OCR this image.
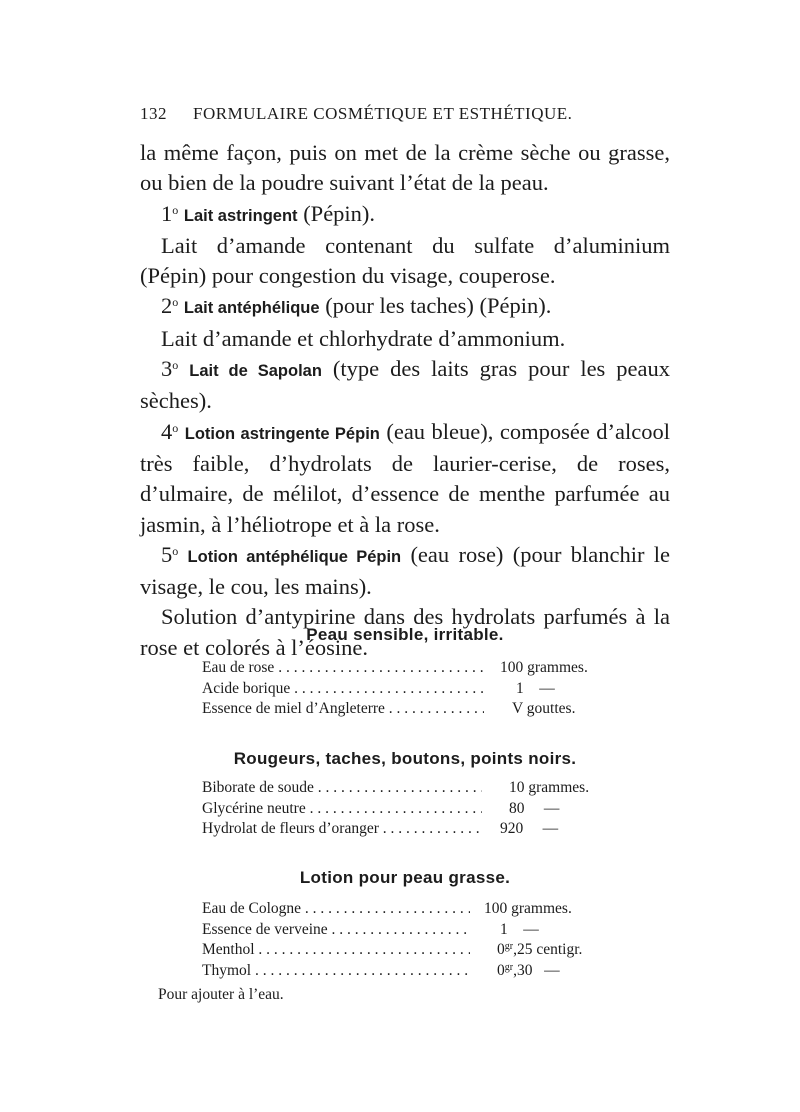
132 FORMULAIRE COSMÉTIQUE ET ESTHÉTIQUE.

la même façon, puis on met de la crème sèche ou grasse, ou bien de la poudre suivant l’état de la peau.

1$^o$ Lait astringent (Pépin).

Lait d’amande contenant du sulfate d’aluminium (Pépin) pour congestion du visage, couperose.

2$^o$ Lait antéphélique (pour les taches) (Pépin).

Lait d’amande et chlorhydrate d’ammonium.

3$^o$ Lait de Sapolan (type des laits gras pour les peaux sèches).

4$^o$ Lotion astringente Pépin (eau bleue), composée d’alcool très faible, d’hydrolats de laurier-cerise, de roses, d’ulmaire, de mélilot, d’essence de menthe parfumée au jasmin, à l’héliotrope et à la rose.

5$^o$ Lotion antéphélique Pépin (eau rose) (pour blanchir le visage, le cou, les mains).

Solution d’antypirine dans des hydrolats parfumés à la rose et colorés à l’éosine.

Peau sensible, irritable.
Eau de rose . . .	100 grammes.
Acide borique . . .	1    —
Essence de miel d’Angleterre . . .	V gouttes.
Rougeurs, taches, boutons, points noirs.
Biborate de soude . . .	10 grammes.
Glycérine neutre . . .	80     —
Hydrolat de fleurs d’oranger . . .	920     —
Lotion pour peau grasse.
Eau de Cologne . . .	100 grammes.
Essence de verveine . . .	1    —
Menthol . . .	$0^{gr},25$ centigr.
Thymol . . .	$0^{gr},30$   —
Pour ajouter à l’eau.
